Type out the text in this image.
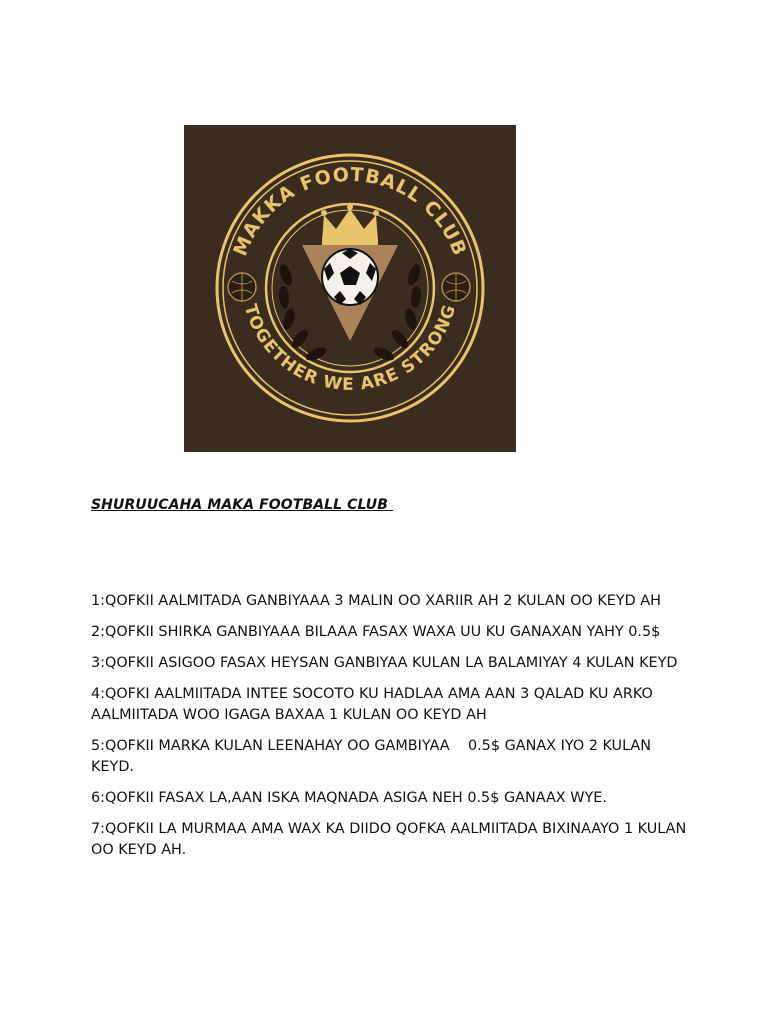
MAKKA FOOTBALL CLUB
TOGETHER WE ARE STRONG
SHURUUCAHA MAKA FOOTBALL CLUB
1:QOFKII AALMITADA GANBIYAAA 3 MALIN OO XARIIR AH 2 KULAN OO KEYD AH
2:QOFKII SHIRKA GANBIYAAA BILAAA FASAX WAXA UU KU GANAXAN YAHY 0.5$
3:QOFKII ASIGOO FASAX HEYSAN GANBIYAA KULAN LA BALAMIYAY 4 KULAN KEYD
4:QOFKI AALMIITADA INTEE SOCOTO KU HADLAA AMA AAN 3 QALAD KU ARKO AALMIITADA WOO IGAGA BAXAA 1 KULAN OO KEYD AH
5:QOFKII MARKA KULAN LEENAHAY OO GAMBIYAA    0.5$ GANAX IYO 2 KULAN KEYD.
6:QOFKII FASAX LA,AAN ISKA MAQNADA ASIGA NEH 0.5$ GANAAX WYE.
7:QOFKII LA MURMAA AMA WAX KA DIIDO QOFKA AALMIITADA BIXINAAYO 1 KULAN OO KEYD AH.
